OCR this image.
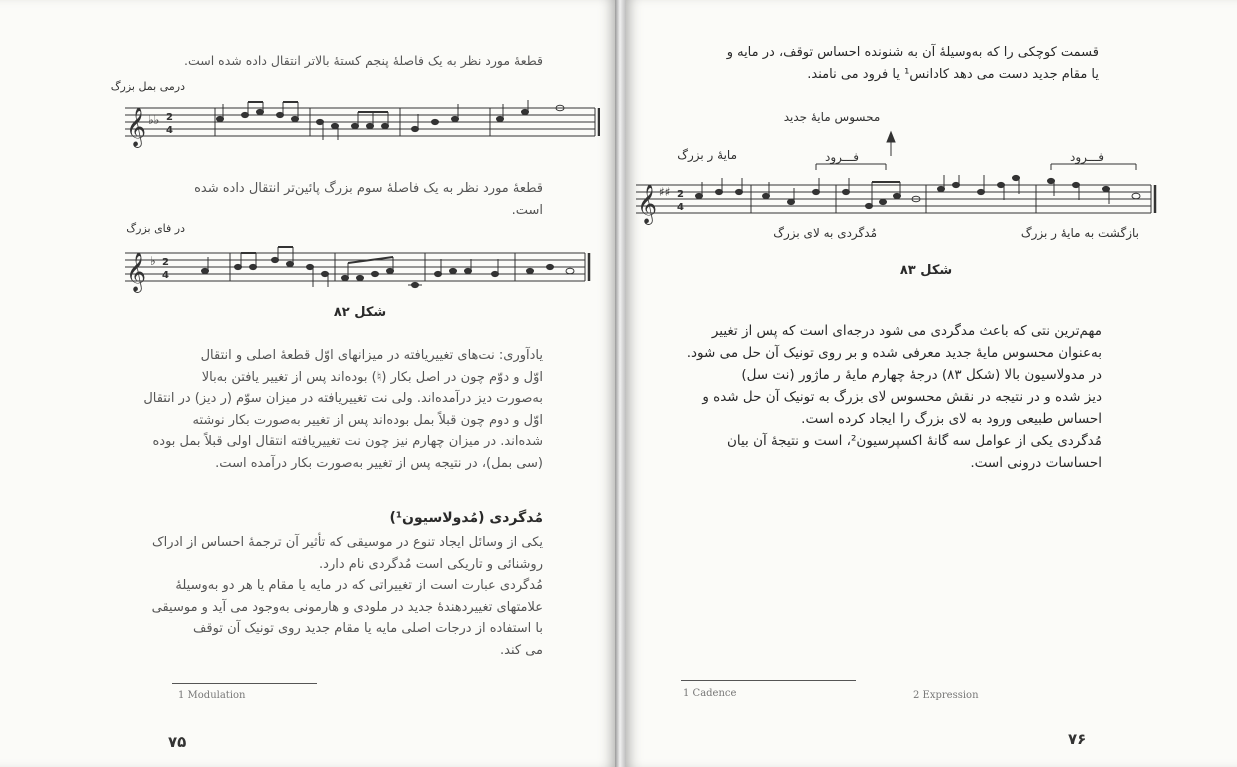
قطعهٔ مورد نظر به یک فاصلهٔ پنجم کستهٔ بالاتر انتقال داده شده است.
درمی بمل بزرگ
𝄞 ♭♭ 2
4
قطعهٔ مورد نظر به یک فاصلهٔ سوم بزرگ پائین‌تر انتقال داده شده
است.
در فای بزرگ
𝄞 ♭ 2
4
شکل ۸۲
یادآوری: نت‌های تغییریافته در میزانهای اوّل قطعهٔ اصلی و انتقال
اوّل و دوّم چون در اصل بکار (♮) بوده‌اند پس از تغییر یافتن به‌بالا
به‌صورت دیز درآمده‌اند. ولی نت تغییریافته در میزان سوّم (ر دیز) در انتقال
اوّل و دوم چون قبلاً بمل بوده‌اند پس از تغییر به‌صورت بکار نوشته
شده‌اند. در میزان چهارم نیز چون نت تغییریافته انتقال اولی قبلاً بمل بوده
(سی بمل)، در نتیجه پس از تغییر به‌صورت بکار درآمده است.
مُدگردی (مُدولاسیون¹)
یکی از وسائل ایجاد تنوع در موسیقی که تأثیر آن ترجمهٔ احساس از ادراک
روشنائی و تاریکی است مُدگردی نام دارد.
مُدگردی عبارت است از تغییراتی که در مایه یا مقام یا هر دو به‌وسیلهٔ
علامتهای تغییردهندهٔ جدید در ملودی و هارمونی به‌وجود می آید و موسیقی
با استفاده از درجات اصلی مایه یا مقام جدید روی تونیک آن توقف
می کند.
1 Modulation
۷۵
قسمت کوچکی را که به‌وسیلهٔ آن به شنونده احساس توقف، در مایه و
یا مقام جدید دست می دهد کادانس¹ یا فرود می نامند.
محسوس مایهٔ جدید
مایهٔ ر بزرگ	فـــرود	فـــرود
𝄞 ♯♯ 2
4
مُدگردی به لای بزرگ	بازگشت به مایهٔ ر بزرگ
شکل ۸۳
مهم‌ترین نتی که باعث مدگردی می شود درجه‌ای است که پس از تغییر
به‌عنوان محسوس مایهٔ جدید معرفی شده و بر روی تونیک آن حل می شود.
در مدولاسیون بالا (شکل ۸۳) درجهٔ چهارم مایهٔ ر ماژور (نت سل)
دیز شده و در نتیجه در نقش محسوس لای بزرگ به تونیک آن حل شده و
احساس طبیعی ورود به لای بزرگ را ایجاد کرده است.
مُدگردی یکی از عوامل سه گانهٔ اکسپرسیون²، است و نتیجهٔ آن بیان
احساسات درونی است.
1 Cadence	2 Expression
۷۶
